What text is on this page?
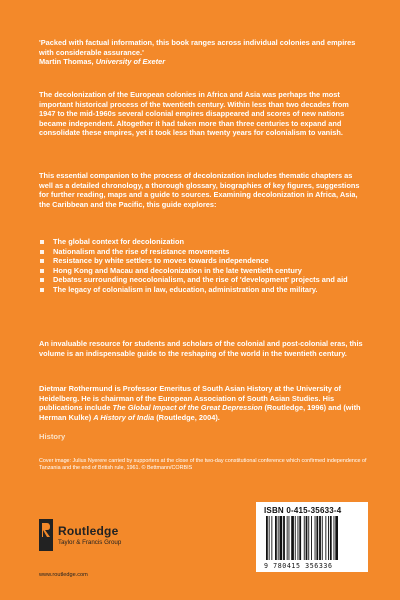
'Packed with factual information, this book ranges across individual colonies and empires with considerable assurance.'
Martin Thomas, University of Exeter
The decolonization of the European colonies in Africa and Asia was perhaps the most important historical process of the twentieth century. Within less than two decades from 1947 to the mid-1960s several colonial empires disappeared and scores of new nations became independent. Altogether it had taken more than three centuries to expand and consolidate these empires, yet it took less than twenty years for colonialism to vanish.
This essential companion to the process of decolonization includes thematic chapters as well as a detailed chronology, a thorough glossary, biographies of key figures, suggestions for further reading, maps and a guide to sources. Examining decolonization in Africa, Asia, the Caribbean and the Pacific, this guide explores:
The global context for decolonization
Nationalism and the rise of resistance movements
Resistance by white settlers to moves towards independence
Hong Kong and Macau and decolonization in the late twentieth century
Debates surrounding neocolonialism, and the rise of 'development' projects and aid
The legacy of colonialism in law, education, administration and the military.
An invaluable resource for students and scholars of the colonial and post-colonial eras, this volume is an indispensable guide to the reshaping of the world in the twentieth century.
Dietmar Rothermund is Professor Emeritus of South Asian History at the University of Heidelberg. He is chairman of the European Association of South Asian Studies. His publications include The Global Impact of the Great Depression (Routledge, 1996) and (with Herman Kulke) A History of India (Routledge, 2004).
History
Cover image: Julius Nyerere carried by supporters at the close of the two-day constitutional conference which confirmed independence of Tanzania and the end of British rule, 1961. © Bettmann/CORBIS
Routledge
Taylor & Francis Group
www.routledge.com
ISBN 0-415-35633-4
9 780415 356336
